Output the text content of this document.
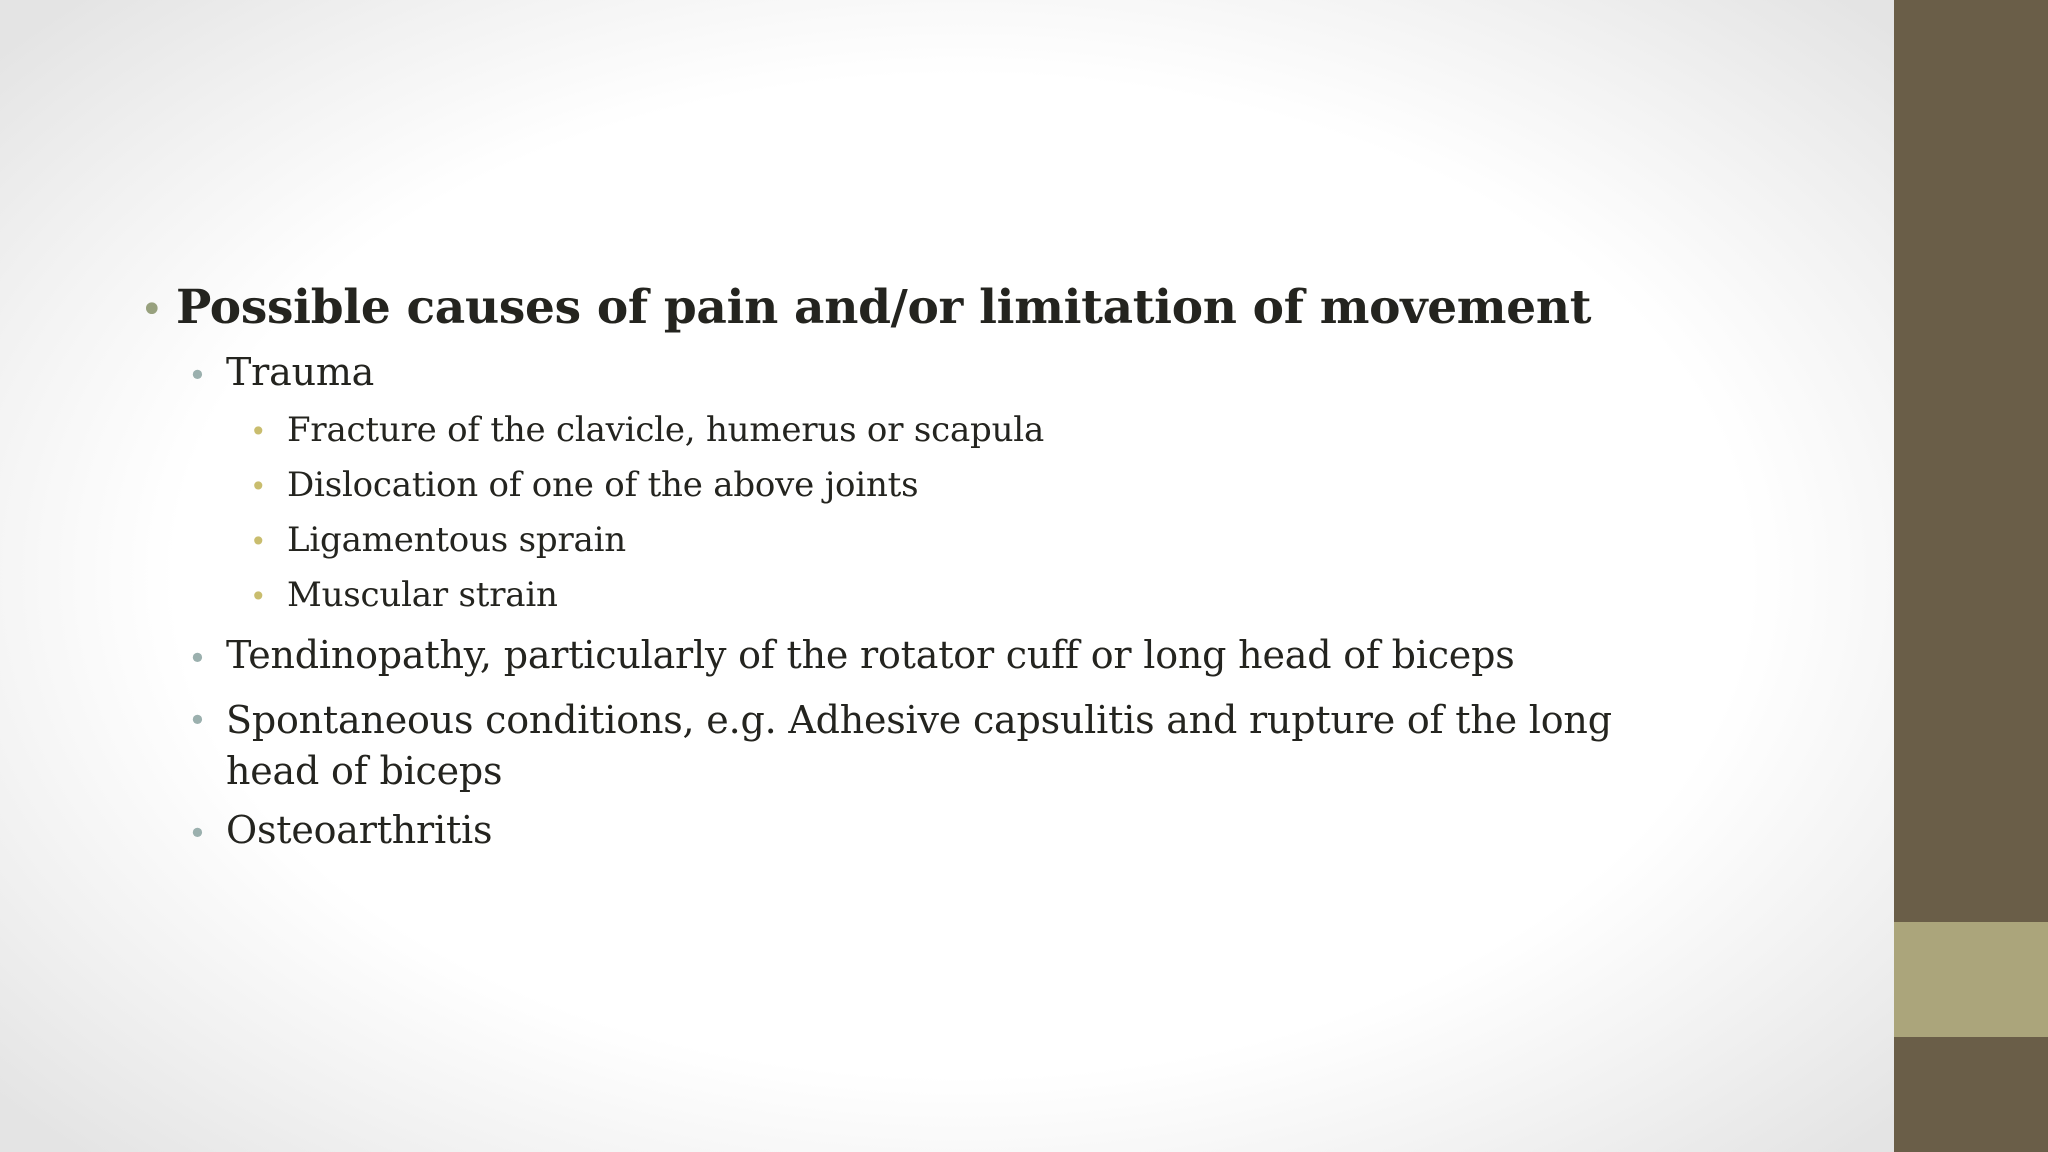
• Possible causes of pain and/or limitation of movement
• Trauma
• Fracture of the clavicle, humerus or scapula
• Dislocation of one of the above joints
• Ligamentous sprain
• Muscular strain
• Tendinopathy, particularly of the rotator cuff or long head of biceps
• Spontaneous conditions, e.g. Adhesive capsulitis and rupture of the long head of biceps
• Osteoarthritis
